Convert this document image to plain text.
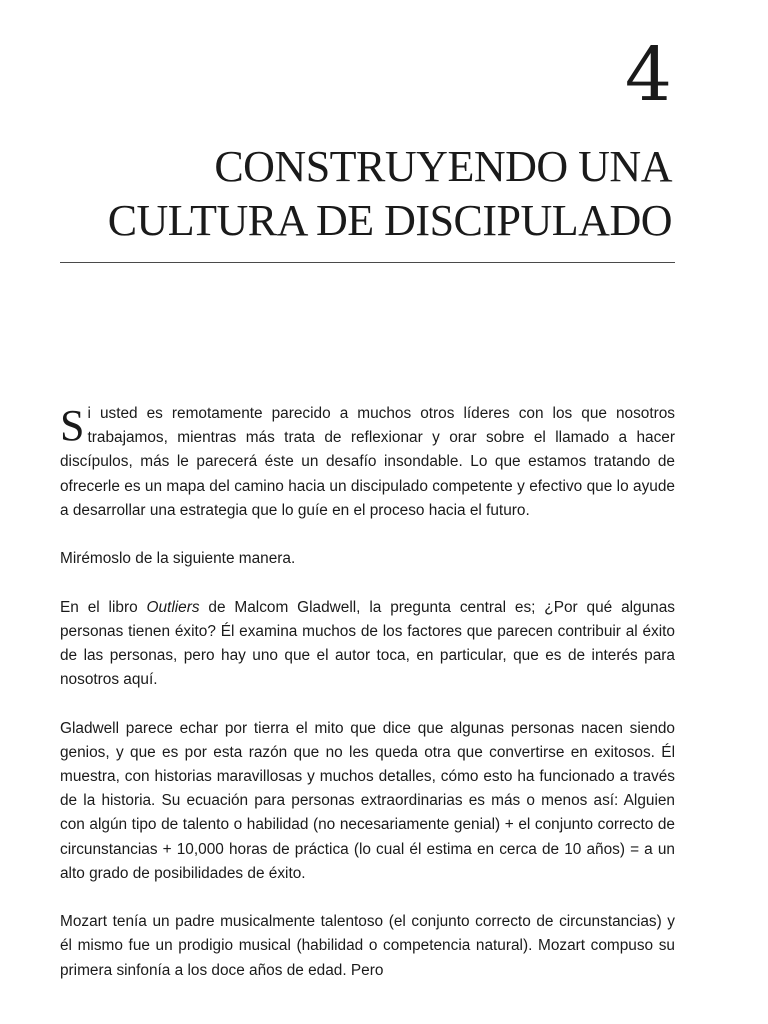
4
CONSTRUYENDO UNA
CULTURA DE DISCIPULADO

Si usted es remotamente parecido a muchos otros líderes con los que nosotros trabajamos, mientras más trata de reflexionar y orar sobre el llamado a hacer discípulos, más le parecerá éste un desafío insondable. Lo que estamos tratando de ofrecerle es un mapa del camino hacia un discipulado competente y efectivo que lo ayude a desarrollar una estrategia que lo guíe en el proceso hacia el futuro.

Mirémoslo de la siguiente manera.

En el libro Outliers de Malcom Gladwell, la pregunta central es; ¿Por qué algunas personas tienen éxito? Él examina muchos de los factores que parecen contribuir al éxito de las personas, pero hay uno que el autor toca, en particular, que es de interés para nosotros aquí.

Gladwell parece echar por tierra el mito que dice que algunas personas nacen siendo genios, y que es por esta razón que no les queda otra que convertirse en exitosos. Él muestra, con historias maravillosas y muchos detalles, cómo esto ha funcionado a través de la historia. Su ecuación para personas extraordinarias es más o menos así: Alguien con algún tipo de talento o habilidad (no necesariamente genial) + el conjunto correcto de circunstancias + 10,000 horas de práctica (lo cual él estima en cerca de 10 años) = a un alto grado de posibilidades de éxito.

Mozart tenía un padre musicalmente talentoso (el conjunto correcto de circunstancias) y él mismo fue un prodigio musical (habilidad o competencia natural). Mozart compuso su primera sinfonía a los doce años de edad. Pero
